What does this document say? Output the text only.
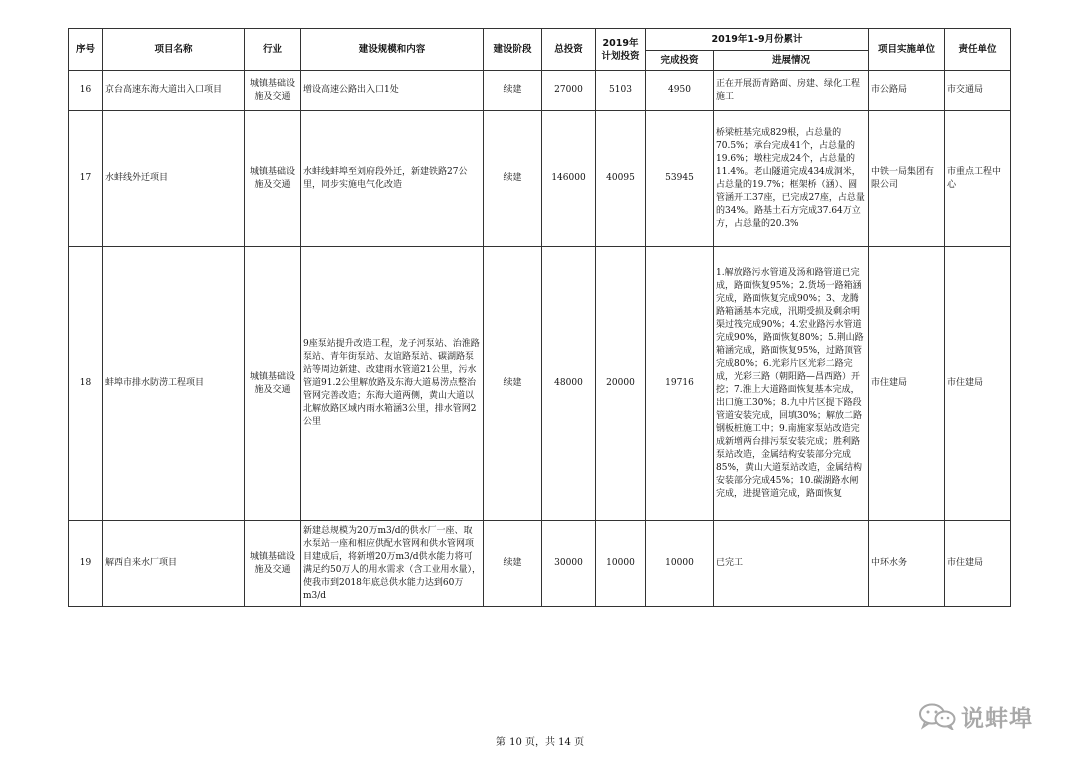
序号	项目名称	行业	建设规模和内容	建设阶段	总投资	2019年计划投资	2019年1-9月份累计		项目实施单位	责任单位
							完成投资	进展情况		
16	京台高速东海大道出入口项目	城镇基础设施及交通	增设高速公路出入口1处	续建	27000	5103	4950	正在开展沥青路面、房建、绿化工程施工	市公路局	市交通局
17	水蚌线外迁项目	城镇基础设施及交通	水蚌线蚌埠至刘府段外迁，新建铁路27公里，同步实施电气化改造	续建	146000	40095	53945	桥梁桩基完成829根，占总量的70.5%；承台完成41个，占总量的19.6%；墩柱完成24个，占总量的11.4%。老山隧道完成434成洞米，占总量的19.7%；框架桥（涵）、圆管涵开工37座，已完成27座，占总量的34%。路基土石方完成37.64万立方，占总量的20.3%	中铁一局集团有限公司	市重点工程中心
18	蚌埠市排水防涝工程项目	城镇基础设施及交通	9座泵站提升改造工程，龙子河泵站、治淮路泵站、青年街泵站、友谊路泵站、碳湖路泵站等周边新建、改建雨水管道21公里，污水管道91.2公里解放路及东海大道易涝点整治管网完善改造；东海大道两侧，黄山大道以北解放路区域内雨水箱涵3公里，排水管网2公里	续建	48000	20000	19716	1.解放路污水管道及汤和路管道已完成，路面恢复95%；2.货场一路箱涵完成，路面恢复完成90%；3、龙腾路箱涵基本完成，汛期受损及剩余明渠过筏完成90%；4.宏业路污水管道完成90%，路面恢复80%；5.荆山路箱涵完成，路面恢复95%，过路顶管完成80%；6.光彩片区光彩二路完成，光彩三路（朝阳路—昌西路）开挖；7.淮上大道路面恢复基本完成，出口施工30%；8.九中片区提下路段管道安装完成，回填30%；解放二路钢板桩施工中；9.南施家泵站改造完成新增两台排污泵安装完成；胜利路泵站改造，金属结构安装部分完成85%，黄山大道泵站改造，金属结构安装部分完成45%；10.碳湖路水闸完成，进提管道完成，路面恢复	市住建局	市住建局
19	解西自来水厂项目	城镇基础设施及交通	新建总规模为20万m3/d的供水厂一座、取水泵站一座和相应供配水管网和供水管网项目建成后，将新增20万m3/d供水能力将可满足约50万人的用水需求（含工业用水量），使我市到2018年底总供水能力达到60万m3/d	续建	30000	10000	10000	已完工	中环水务	市住建局
说蚌埠
第 10 页，共 14 页
